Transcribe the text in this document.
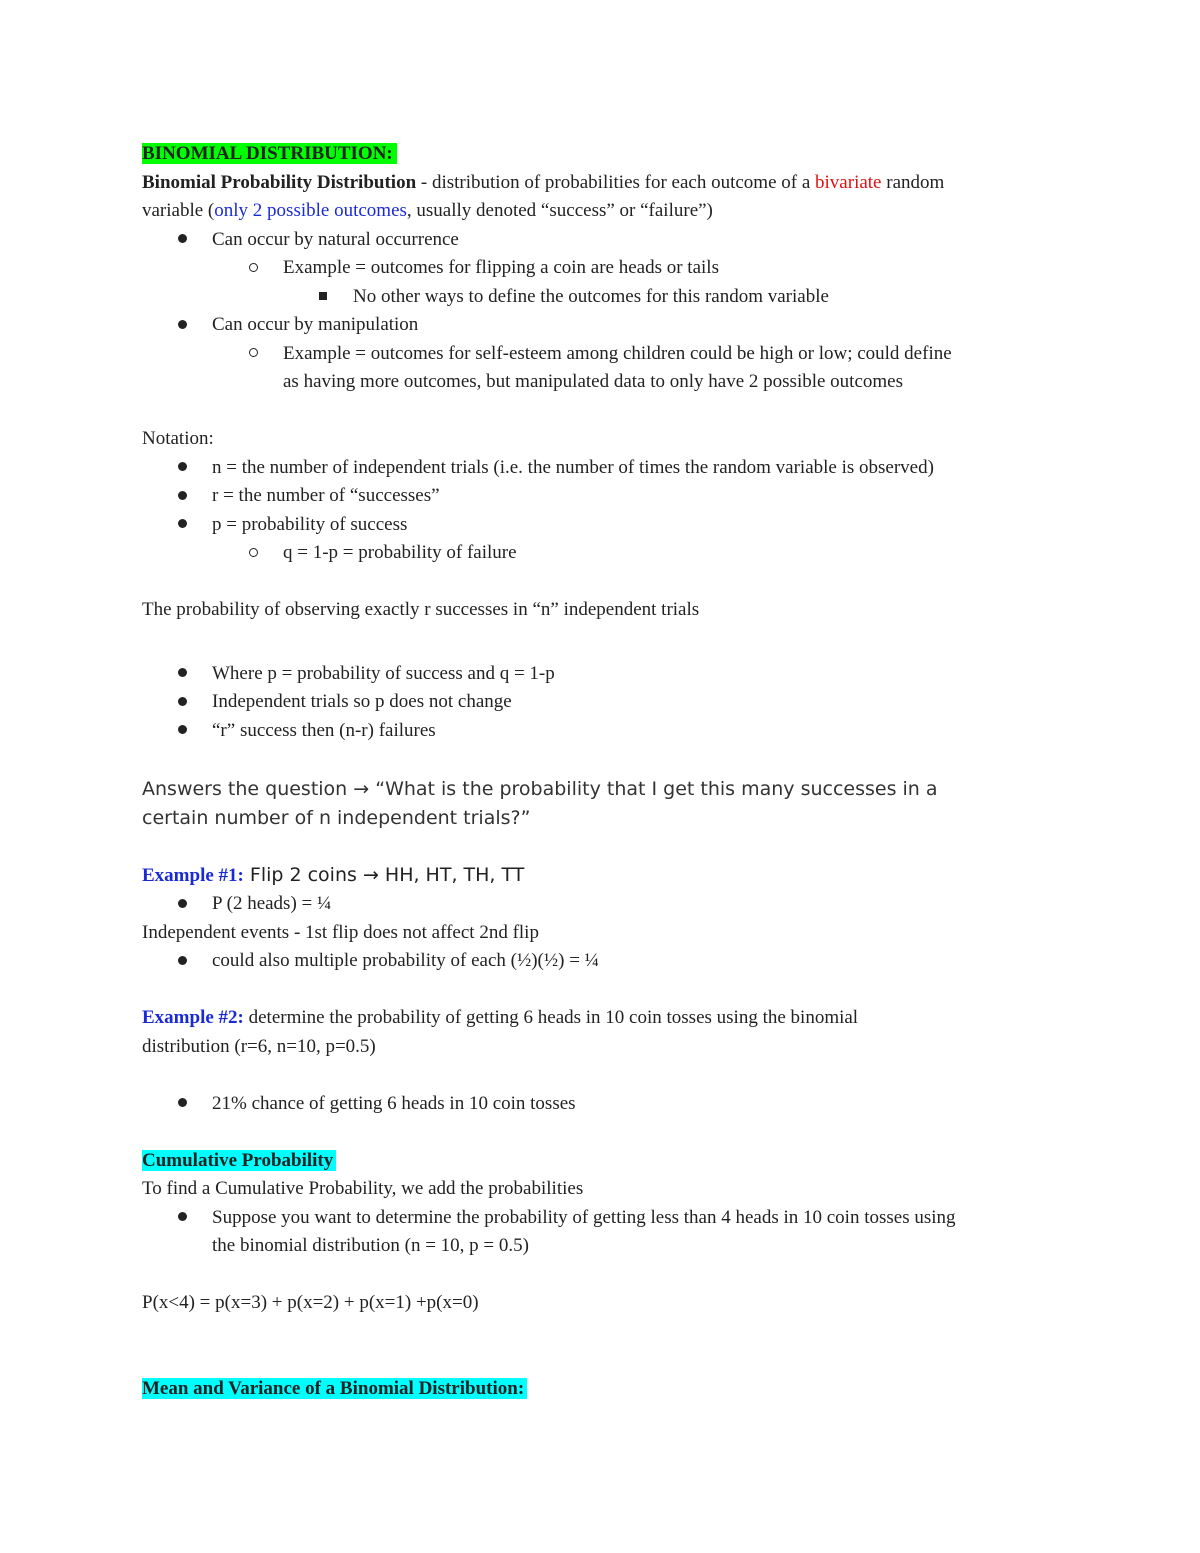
BINOMIAL DISTRIBUTION:
Binomial Probability Distribution - distribution of probabilities for each outcome of a bivariate random
variable (only 2 possible outcomes, usually denoted “success” or “failure”)
Can occur by natural occurrence
Example = outcomes for flipping a coin are heads or tails
No other ways to define the outcomes for this random variable
Can occur by manipulation
Example = outcomes for self-esteem among children could be high or low; could define
as having more outcomes, but manipulated data to only have 2 possible outcomes
Notation:
n = the number of independent trials (i.e. the number of times the random variable is observed)
r = the number of “successes”
p = probability of success
q = 1-p = probability of failure
The probability of observing exactly r successes in “n” independent trials
Where p = probability of success and q = 1-p
Independent trials so p does not change
“r” success then (n-r) failures
Answers the question → “What is the probability that I get this many successes in a
certain number of n independent trials?”
Example #1: Flip 2 coins → HH, HT, TH, TT
P (2 heads) = ¼
Independent events - 1st flip does not affect 2nd flip
could also multiple probability of each (½)(½) = ¼
Example #2: determine the probability of getting 6 heads in 10 coin tosses using the binomial
distribution (r=6, n=10, p=0.5)
21% chance of getting 6 heads in 10 coin tosses
Cumulative Probability
To find a Cumulative Probability, we add the probabilities
Suppose you want to determine the probability of getting less than 4 heads in 10 coin tosses using
the binomial distribution (n = 10, p = 0.5)
P(x<4) = p(x=3) + p(x=2) + p(x=1) +p(x=0)
Mean and Variance of a Binomial Distribution:
